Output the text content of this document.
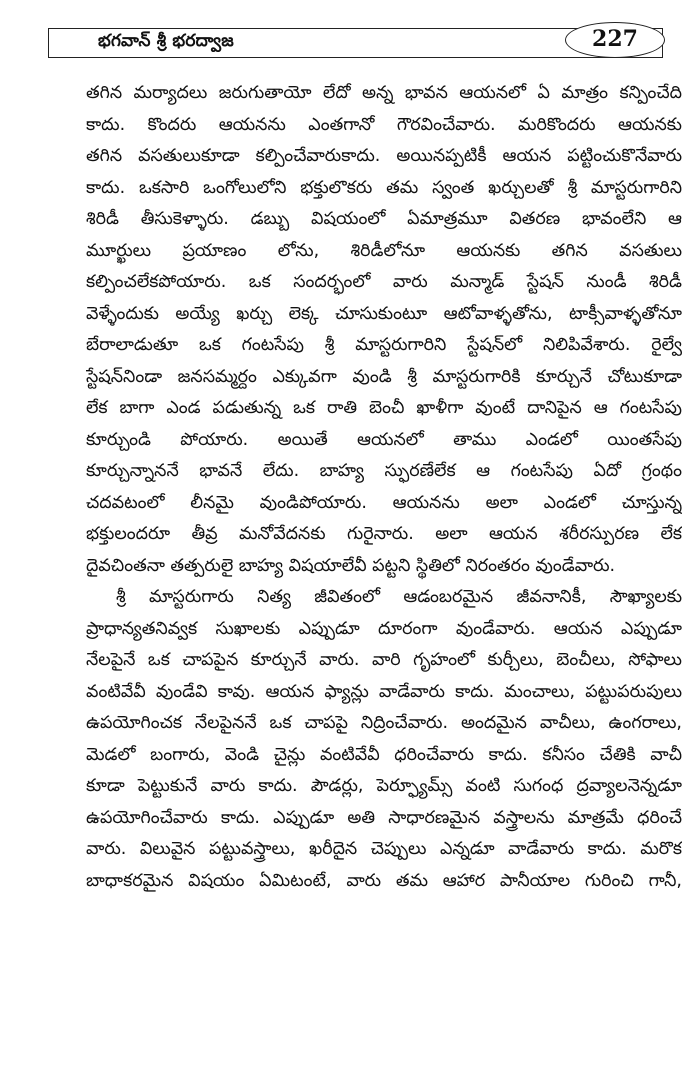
భగవాన్ శ్రీ భరద్వాజ	227
తగిన మర్యాదలు జరుగుతాయో లేదో అన్న భావన ఆయనలో ఏ మాత్రం కన్పించేది
కాదు. కొందరు ఆయనను ఎంతగానో గౌరవించేవారు. మరికొందరు ఆయనకు
తగిన వసతులుకూడా కల్పించేవారుకాదు. అయినప్పటికీ ఆయన పట్టించుకొనేవారు
కాదు. ఒకసారి ఒంగోలులోని భక్తులొకరు తమ స్వంత ఖర్చులతో శ్రీ మాస్టరుగారిని
శిరిడీ తీసుకెళ్ళారు. డబ్బు విషయంలో ఏమాత్రమూ వితరణ భావంలేని ఆ
మూర్ఖులు ప్రయాణం లోను, శిరిడీలోనూ ఆయనకు తగిన వసతులు
కల్పించలేకపోయారు. ఒక సందర్భంలో వారు మన్మాడ్ స్టేషన్ నుండీ శిరిడీ
వెళ్ళేందుకు అయ్యే ఖర్చు లెక్క చూసుకుంటూ ఆటోవాళ్ళతోను, టాక్సీవాళ్ళతోనూ
బేరాలాడుతూ ఒక గంటసేపు శ్రీ మాస్టరుగారిని స్టేషన్‌లో నిలిపివేశారు. రైల్వే
స్టేషన్‌నిండా జనసమ్మర్దం ఎక్కువగా వుండి శ్రీ మాస్టరుగారికి కూర్చునే చోటుకూడా
లేక బాగా ఎండ పడుతున్న ఒక రాతి బెంచీ ఖాళీగా వుంటే దానిపైన ఆ గంటసేపు
కూర్చుండి పోయారు. అయితే ఆయనలో తాము ఎండలో యింతసేపు
కూర్చున్నాననే భావనే లేదు. బాహ్య స్ఫురణేలేక ఆ గంటసేపు ఏదో గ్రంథం
చదవటంలో లీనమై వుండిపోయారు. ఆయనను అలా ఎండలో చూస్తున్న
భక్తులందరూ తీవ్ర మనోవేదనకు గురైనారు. అలా ఆయన శరీరస్పురణ లేక
దైవచింతనా తత్పరులై బాహ్య విషయాలేవీ పట్టని స్థితిలో నిరంతరం వుండేవారు.
శ్రీ మాస్టరుగారు నిత్య జీవితంలో ఆడంబరమైన జీవనానికీ, సౌఖ్యాలకు
ప్రాధాన్యతనివ్వక సుఖాలకు ఎప్పుడూ దూరంగా వుండేవారు. ఆయన ఎప్పుడూ
నేలపైనే ఒక చాపపైన కూర్చునే వారు. వారి గృహంలో కుర్చీలు, బెంచీలు, సోఫాలు
వంటివేవీ వుండేవి కావు. ఆయన ఫ్యాన్లు వాడేవారు కాదు. మంచాలు, పట్టుపరుపులు
ఉపయోగించక నేలపైననే ఒక చాపపై నిద్రించేవారు. అందమైన వాచీలు, ఉంగరాలు,
మెడలో బంగారు, వెండి చైన్లు వంటివేవీ ధరించేవారు కాదు. కనీసం చేతికి వాచీ
కూడా పెట్టుకునే వారు కాదు. పౌడర్లు, పెర్ఫ్యూమ్స్ వంటి సుగంధ ద్రవ్యాలనెన్నడూ
ఉపయోగించేవారు కాదు. ఎప్పుడూ అతి సాధారణమైన వస్త్రాలను మాత్రమే ధరించే
వారు. విలువైన పట్టువస్త్రాలు, ఖరీదైన చెప్పులు ఎన్నడూ వాడేవారు కాదు. మరొక
బాధాకరమైన విషయం ఏమిటంటే, వారు తమ ఆహార పానీయాల గురించి గానీ,
